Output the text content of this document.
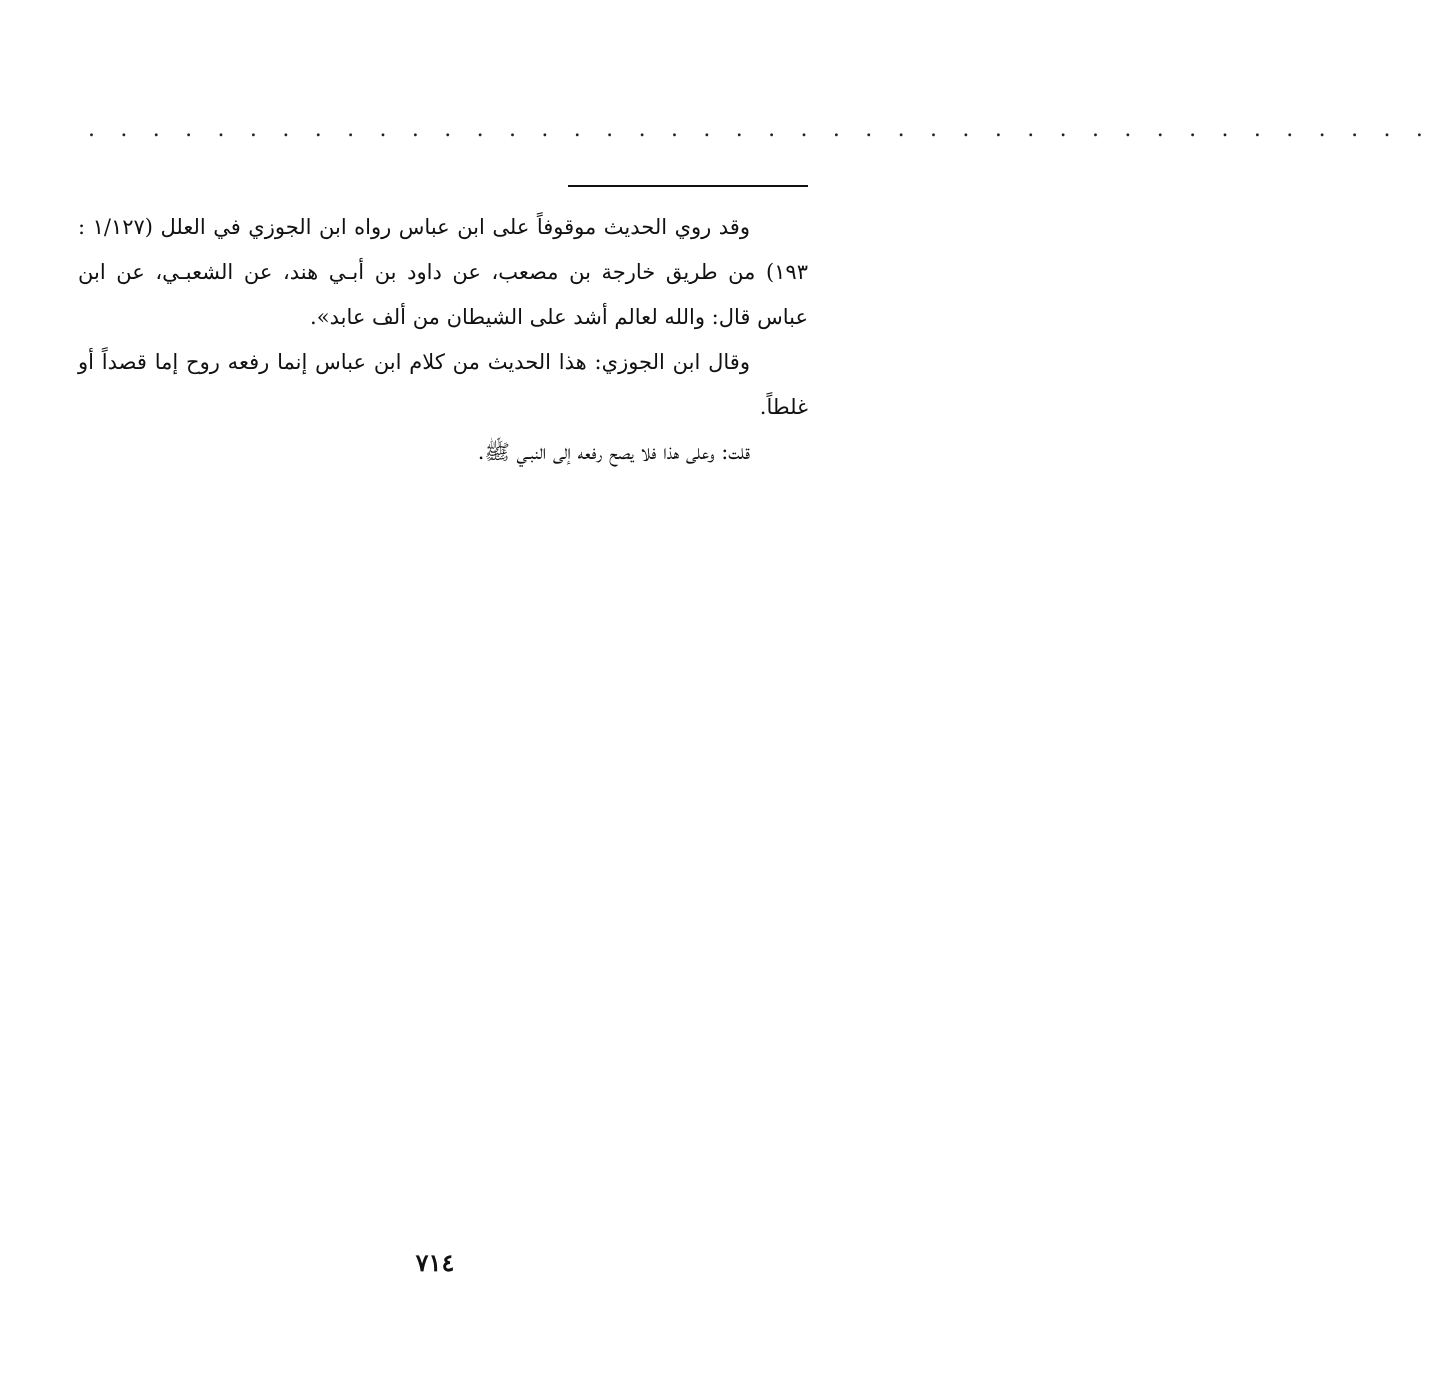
. . . . . . . . . . . . . . . . . . . . . . . . . . . . . . . . . . . . . . . . . .

وقد روي الحديث موقوفاً على ابن عباس رواه ابن الجوزي في العلل (١/١٢٧ : ١٩٣) من طريق خارجة بن مصعب، عن داود بن أبـي هند، عن الشعبـي، عن ابن عباس قال: والله لعالم أشد على الشيطان من ألف عابد».

وقال ابن الجوزي: هذا الحديث من كلام ابن عباس إنما رفعه روح إما قصداً أو غلطاً.

قلت: وعلى هذا فلا يصح رفعه إلى النبـي ﷺ.

٧١٤
